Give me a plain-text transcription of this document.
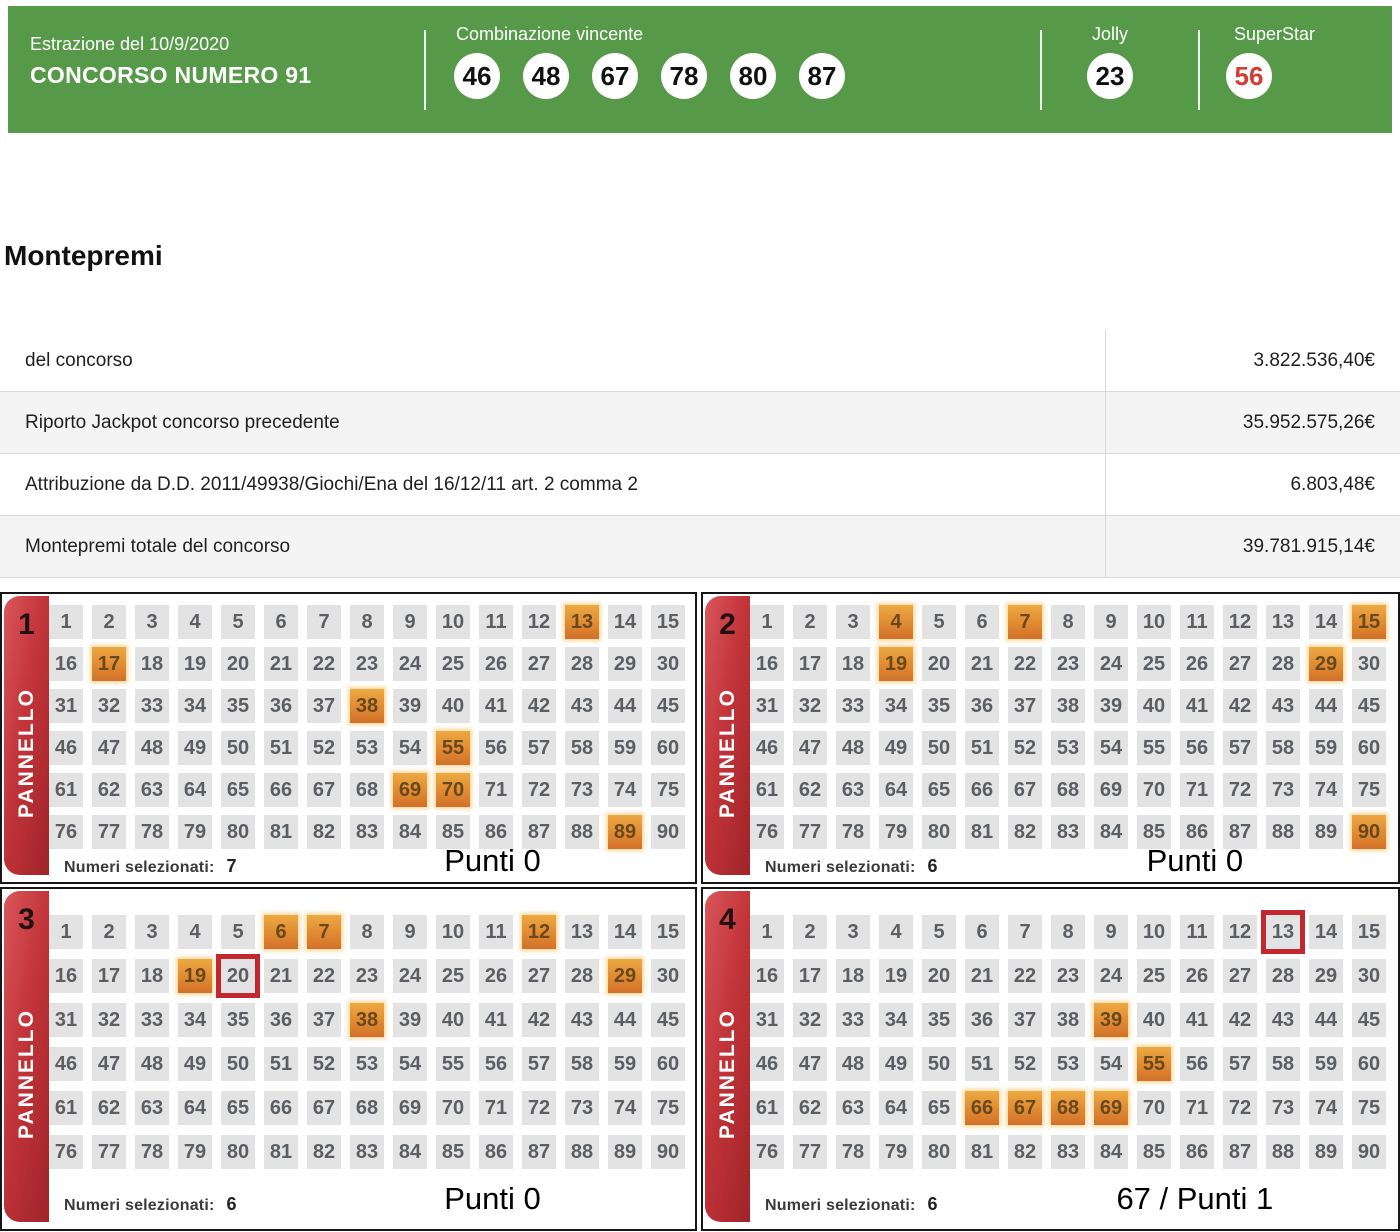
Estrazione del 10/9/2020
CONCORSO NUMERO 91
Combinazione vincente
46	48	67	78	80	87
Jolly
23
SuperStar
56
Montepremi
del concorso	3.822.536,40€
Riporto Jackpot concorso precedente	35.952.575,26€
Attribuzione da D.D. 2011/49938/Giochi/Ena del 16/12/11 art. 2 comma 2	6.803,48€
Montepremi totale del concorso	39.781.915,14€
1
PANNELLO
1	2	3	4	5	6	7	8	9	10	11	12 13 14 15
16 17 18 19 20 21 22 23 24 25 26 27 28 29 30
31 32 33 34 35 36 37 38 39 40 41 42 43 44 45
46 47 48 49 50 51 52 53 54 55 56 57 58 59 60
61 62 63 64 65 66 67 68 69 70 71 72 73 74 75
76 77 78 79 80 81 82 83 84 85 86 87 88 89 90
Numeri selezionati: 7	Punti 0
2
PANNELLO
1	2	3	4	5	6	7	8	9	10	11	12 13 14 15
16 17 18 19 20 21 22 23 24 25 26 27 28 29 30
31 32 33 34 35 36 37 38 39 40 41 42 43 44 45
46 47 48 49 50 51 52 53 54 55 56 57 58 59 60
61 62 63 64 65 66 67 68 69 70 71 72 73 74 75
76 77 78 79 80 81 82 83 84 85 86 87 88 89 90
Numeri selezionati: 6	Punti 0
3
PANNELLO
1	2	3	4	5	6	7	8	9	10	11	12 13 14 15
16 17 18 19 20 21 22 23 24 25 26 27 28 29 30
31 32 33 34 35 36 37 38 39 40 41 42 43 44 45
46 47 48 49 50 51 52 53 54 55 56 57 58 59 60
61 62 63 64 65 66 67 68 69 70 71 72 73 74 75
76 77 78 79 80 81 82 83 84 85 86 87 88 89 90
Numeri selezionati: 6	Punti 0
4
PANNELLO
1	2	3	4	5	6	7	8	9	10	11	12 13 14 15
16 17 18 19 20 21 22 23 24 25 26 27 28 29 30
31 32 33 34 35 36 37 38 39 40 41 42 43 44 45
46 47 48 49 50 51 52 53 54 55 56 57 58 59 60
61 62 63 64 65 66 67 68 69 70 71 72 73 74 75
76 77 78 79 80 81 82 83 84 85 86 87 88 89 90
Numeri selezionati: 6	67 / Punti 1
